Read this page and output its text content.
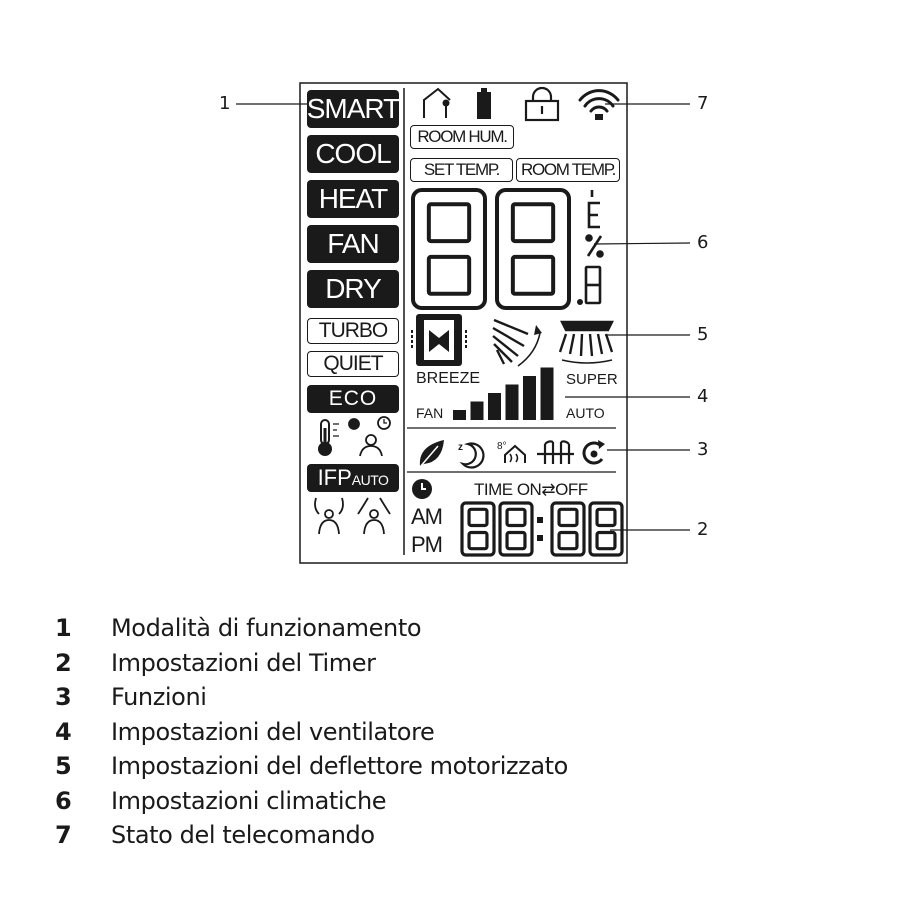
z	8°
SMART
COOL
HEAT
FAN
DRY
TURBO
QUIET
ECO
IFP AUTO
ROOM HUM.
SET TEMP.	ROOM TEMP.
BREEZE	SUPER
FAN	AUTO
TIME ON⇄OFF
AM
PM
1	7
6
5
4
3
2
1	Modalità di funzionamento
2	Impostazioni del Timer
3	Funzioni
4	Impostazioni del ventilatore
5	Impostazioni del deflettore motorizzato
6	Impostazioni climatiche
7	Stato del telecomando
